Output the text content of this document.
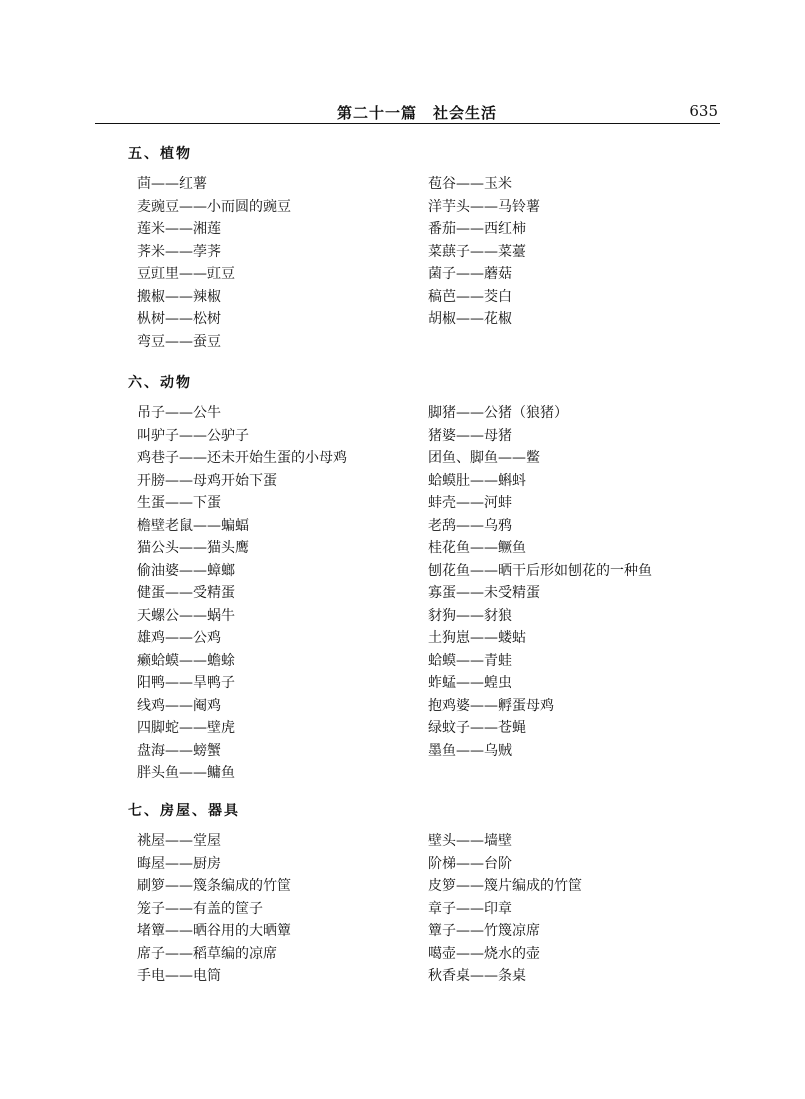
第二十一篇　社会生活	635
五、植物
茴——红薯
麦豌豆——小而圆的豌豆
莲米——湘莲
荠米——荸荠
豆豇里——豇豆
搬椒——辣椒
枞树——松树
弯豆——蚕豆
苞谷——玉米
洋芋头——马铃薯
番茄——西红柿
菜蕻子——菜薹
菌子——蘑菇
稿芭——茭白
胡椒——花椒
六、动物
吊子——公牛
叫驴子——公驴子
鸡巷子——还未开始生蛋的小母鸡
开膀——母鸡开始下蛋
生蛋——下蛋
檐壁老鼠——蝙蝠
猫公头——猫头鹰
偷油婆——蟑螂
健蛋——受精蛋
天螺公——蜗牛
雄鸡——公鸡
癞蛤蟆——蟾蜍
阳鸭——旱鸭子
线鸡——阉鸡
四脚蛇——壁虎
盘海——螃蟹
胖头鱼——鳙鱼
脚猪——公猪（狼猪）
猪婆——母猪
团鱼、脚鱼——鳖
蛤蟆肚——蝌蚪
蚌壳——河蚌
老鸹——乌鸦
桂花鱼——鳜鱼
刨花鱼——晒干后形如刨花的一种鱼
寡蛋——未受精蛋
豺狗——豺狼
土狗崽——蝼蛄
蛤蟆——青蛙
蚱蜢——蝗虫
抱鸡婆——孵蛋母鸡
绿蚊子——苍蝇
墨鱼——乌贼
七、房屋、器具
祧屋——堂屋
晦屋——厨房
刷箩——篾条编成的竹筐
笼子——有盖的筐子
堵簟——晒谷用的大晒簟
席子——稻草编的凉席
手电——电筒
壁头——墙壁
阶梯——台阶
皮箩——篾片编成的竹筐
章子——印章
簟子——竹篾凉席
噶壶——烧水的壶
秋香桌——条桌
